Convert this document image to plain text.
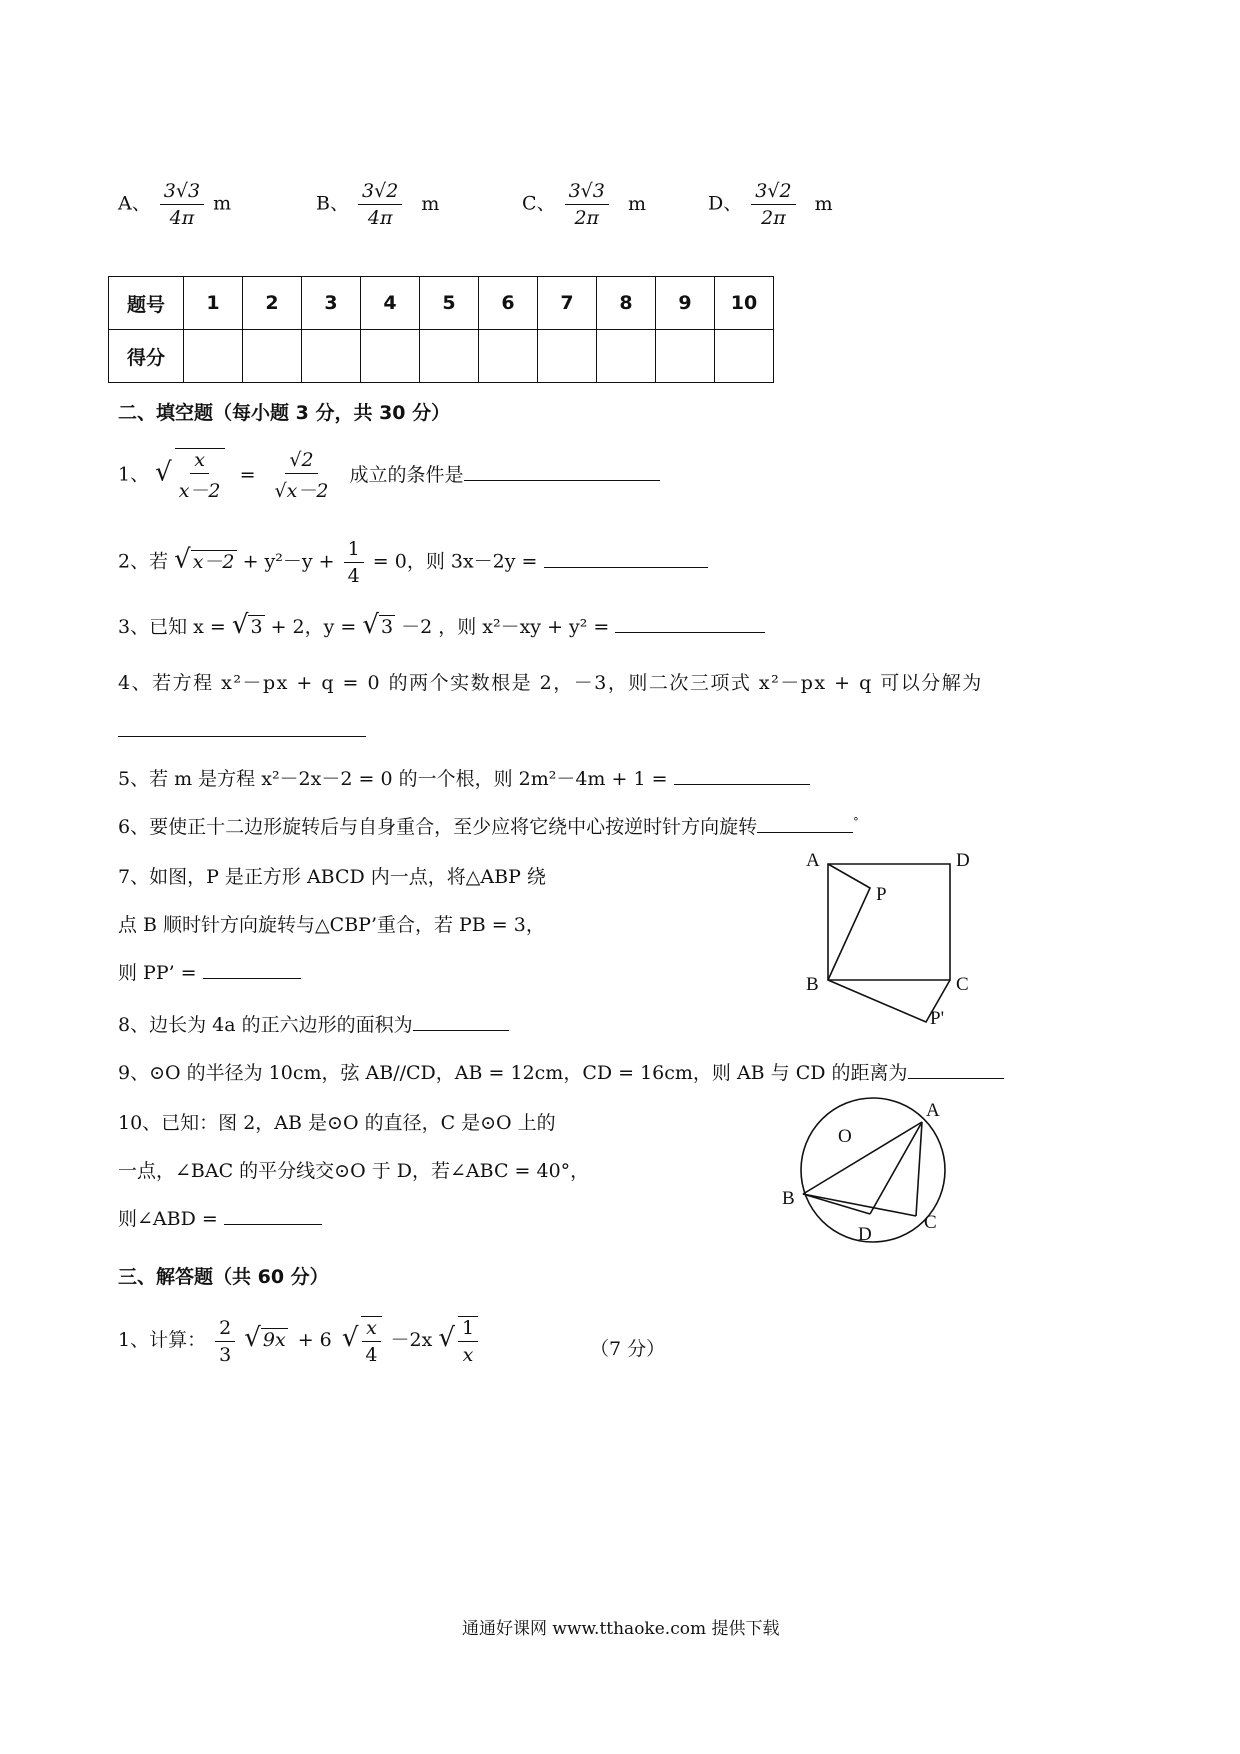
A、 $\frac{3√3}{4\pi}$ m	B、 $\frac{3√2}{4\pi}$ m	C、 $\frac{3√3}{2\pi}$ m	D、 $\frac{3√2}{2\pi}$ m
题号	1	2	3	4	5	6	7	8	9	10
得分										
二、填空题（每小题 3 分，共 30 分）
1、 √ $\frac{x}{x-2} = \frac{√2}{√x-2}$ 成立的条件是
2、若 √ $x-2 + y^2-y + \frac{1}{4} = 0$，则 3x－2y =
3、已知 x = √ 3 + 2，y = √ 3 －2 ，则 x²－xy + y² =
4、若方程 x²－px + q = 0 的两个实数根是 2，－3，则二次三项式 x²－px + q 可以分解为
5、若 m 是方程 x²－2x－2 = 0 的一个根，则 2m²－4m + 1 =
6、要使正十二边形旋转后与自身重合，至少应将它绕中心按逆时针方向旋转	°
7、如图，P 是正方形 ABCD 内一点，将△ABP 绕
点 B 顺时针方向旋转与△CBP’重合，若 PB = 3，
则 PP’ =
A	D
P
B	C
P'
8、边长为 4a 的正六边形的面积为
9、⊙O 的半径为 10cm，弦 AB//CD，AB = 12cm，CD = 16cm，则 AB 与 CD 的距离为
10、已知：图 2，AB 是⊙O 的直径，C 是⊙O 上的
一点，∠BAC 的平分线交⊙O 于 D，若∠ABC = 40°，
则∠ABD =
O
A
B
C
D
三、解答题（共 60 分）
1、计算： $\frac{2}{3}$ √ 9x + 6 √ $\frac{x}{4} -2x$ √ $\frac{1}{x}$	（7 分）
通通好课网 www.tthaoke.com 提供下载
